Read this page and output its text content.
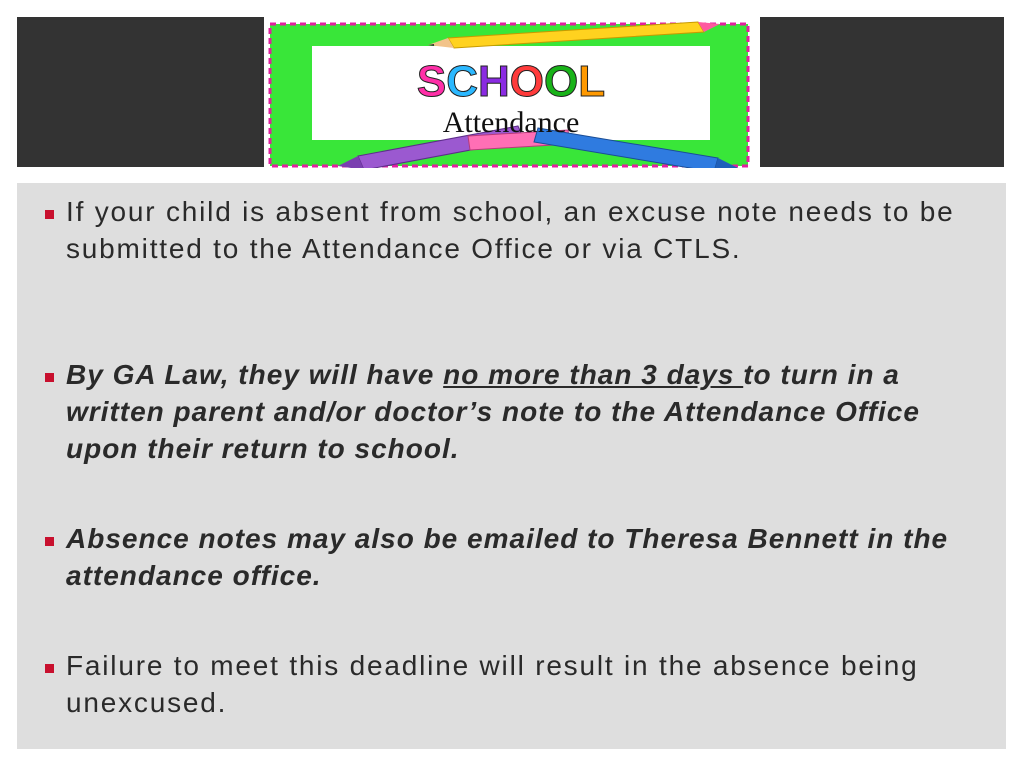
SCHOOL
Attendance
If your child is absent from school, an excuse note needs to be submitted to the Attendance Office or via CTLS.
By GA Law, they will have no more than 3 days to turn in a written parent and/or doctor’s note to the Attendance Office upon their return to school.
Absence notes may also be emailed to Theresa Bennett in the attendance office.
Failure to meet this deadline will result in the absence being unexcused.
